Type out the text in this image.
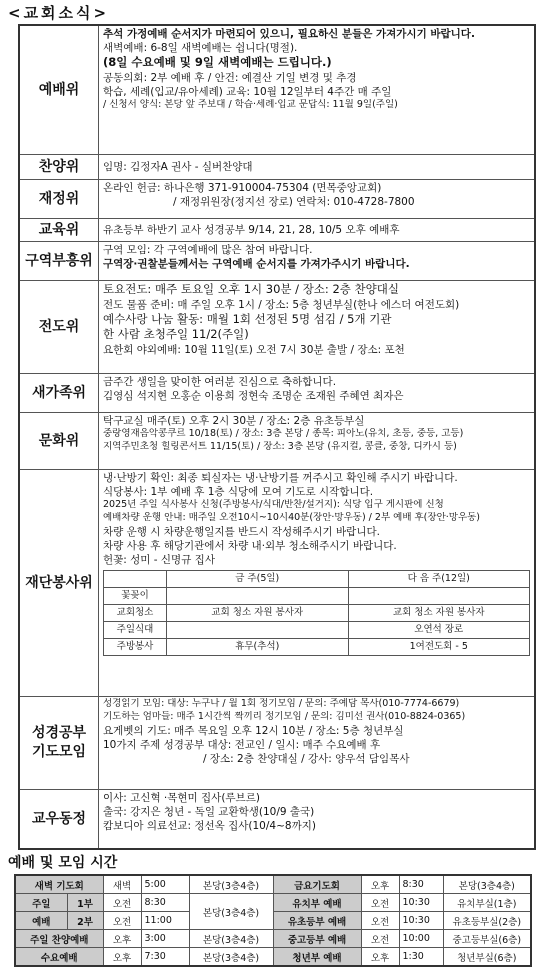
<교회소식>
예배위	
추석 가정예배 순서지가 마련되어 있으니, 필요하신 분들은 가져가시기 바랍니다.
새벽예배: 6-8일 새벽예배는 쉽니다(명절).
(8일 수요예배 및 9일 새벽예배는 드립니다.)
공동의회: 2부 예배 후 / 안건: 예결산 기일 변경 및 추경
학습, 세례(입교/유아세례) 교육: 10월 12일부터 4주간 매 주일
/ 신청서 양식: 본당 앞 주보대 / 학습·세례·입교 문답식: 11월 9일(주일)

찬양위	임명: 김정자A 권사 - 실버찬양대

재정위	
온라인 헌금: 하나은행 371-910004-75304 (면목중앙교회)
/ 재정위원장(정지선 장로) 연락처: 010-4728-7800

교육위	유초등부 하반기 교사 성경공부 9/14, 21, 28, 10/5 오후 예배후

구역부흥위	
구역 모임: 각 구역예배에 많은 참여 바랍니다.
구역장·권찰분들께서는 구역예배 순서지를 가져가주시기 바랍니다.

전도위	
토요전도: 매주 토요일 오후 1시 30분 / 장소: 2층 찬양대실
전도 물품 준비: 매 주일 오후 1시 / 장소: 5층 청년부실(한나 에스더 여전도회)
예수사랑 나눔 활동: 매월 1회 선정된 5명 섬김 / 5개 기관
한 사람 초청주일 11/2(주일)
요한회 야외예배: 10월 11일(토) 오전 7시 30분 출발 / 장소: 포천

새가족위	
금주간 생일을 맞이한 여러분 진심으로 축하합니다.
김영심 석지현 오홍순 이용희 정현숙 조명순 조재원 주혜연 최자은

문화위	
탁구교실 매주(토) 오후 2시 30분 / 장소: 2층 유초등부실
중랑영재음악콩쿠르 10/18(토) / 장소: 3층 본당 / 종목: 피아노(유치, 초등, 중등, 고등)
지역주민초청 힐링콘서트 11/15(토) / 장소: 3층 본당 (유지컬, 콩클, 중창, 디카시 등)

재단봉사위	
냉·난방기 확인: 최종 퇴실자는 냉·난방기를 꺼주시고 확인해 주시기 바랍니다.
식당봉사: 1부 예배 후 1층 식당에 모여 기도로 시작합니다.
2025년 주일 식사봉사 신청(주방봉사/식대/반찬/설거지): 식당 입구 게시판에 신청
예배차량 운행 안내: 매주일 오전10시~10시40분(장안·망우동) / 2부 예배 후(장안·망우동)
차량 운행 시 차량운행일지를 반드시 작성해주시기 바랍니다.
차량 사용 후 해당기관에서 차량 내·외부 청소해주시기 바랍니다.
헌꽃: 성미 - 신명규 집사
	금 주(5일)	다 음 주(12일)
꽃꽂이		
교회청소	교회 청소 자원 봉사자	교회 청소 자원 봉사자
주일식대		오연석 장로
주방봉사	휴무(추석)	1여전도회 - 5

성경공부
기도모임

성경읽기 모임: 대상: 누구나 / 월 1회 정기모임 / 문의: 주예담 목사(010-7774-6679)
기도하는 엄마들: 매주 1시간씩 짝끼리 정기모임 / 문의: 김미선 권사(010-8824-0365)
요게벳의 기도: 매주 목요일 오후 12시 10분 / 장소: 5층 청년부실
10가지 주제 성경공부 대상: 전교인 / 일시: 매주 수요예배 후
/ 장소: 2층 찬양대실 / 강사: 양우석 담임목사

교우동정	
이사: 고신혁 ·목현미 집사(루브르)
출국: 강지은 청년 - 독일 교환학생(10/9 출국)
캄보디아 의료선교: 정선옥 집사(10/4~8까지)
예배 및 모임 시간
새벽 기도회		새벽	5:00	본당(3층4층)	금요기도회	오후	8:30	본당(3층4층)
주일	1부	오전	8:30	본당(3층4층)	유치부 예배	오전	10:30	유치부실(1층)
예배	2부	오전	11:00		유초등부 예배	오전	10:30	유초등부실(2층)
주일 찬양예배		오후	3:00	본당(3층4층)	중고등부 예배	오전	10:00	중고등부실(6층)
수요예배		오후	7:30	본당(3층4층)	청년부 예배	오후	1:30	청년부실(6층)
